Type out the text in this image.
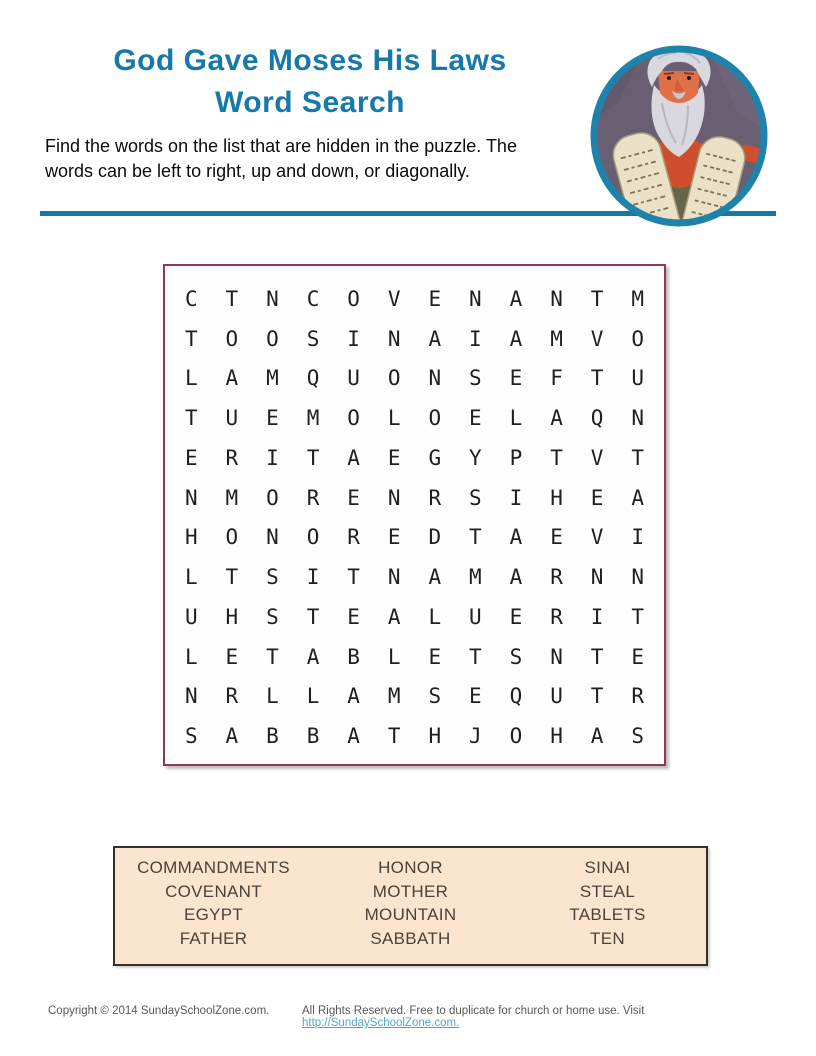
God Gave Moses His Laws
Word Search
Find the words on the list that are hidden in the puzzle. The
words can be left to right, up and down, or diagonally.
C	T	N	C	O	V	E	N	A	N	T	M
T	O	O	S	I	N	A	I	A	M	V	O
L	A	M	Q	U	O	N	S	E	F	T	U
T	U	E	M	O	L	O	E	L	A	Q	N
E	R	I	T	A	E	G	Y	P	T	V	T
N	M	O	R	E	N	R	S	I	H	E	A
H	O	N	O	R	E	D	T	A	E	V	I
L	T	S	I	T	N	A	M	A	R	N	N
U	H	S	T	E	A	L	U	E	R	I	T
L	E	T	A	B	L	E	T	S	N	T	E
N	R	L	L	A	M	S	E	Q	U	T	R
S	A	B	B	A	T	H	J	O	H	A	S
COMMANDMENTS
COVENANT
EGYPT
FATHER
HONOR
MOTHER
MOUNTAIN
SABBATH
SINAI
STEAL
TABLETS
TEN
Copyright © 2014 SundaySchoolZone.com.	All Rights Reserved. Free to duplicate for church or home use. Visit http://SundaySchoolZone.com.
